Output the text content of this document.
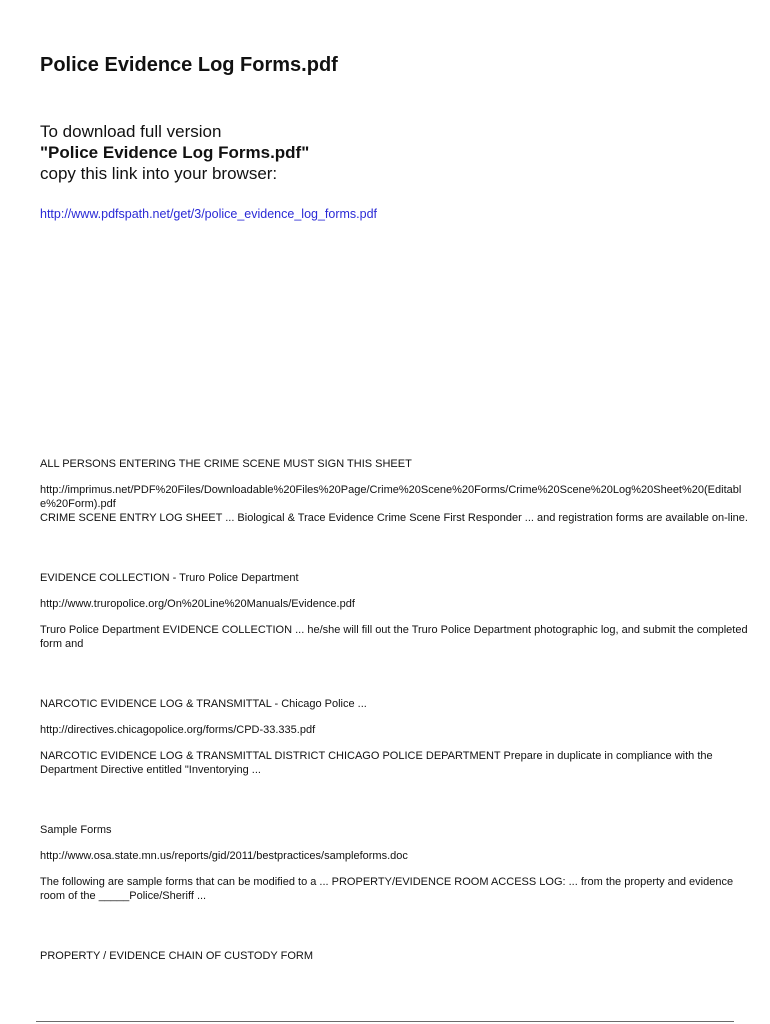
Police Evidence Log Forms.pdf
To download full version
"Police Evidence Log Forms.pdf"
copy this link into your browser:
http://www.pdfspath.net/get/3/police_evidence_log_forms.pdf
ALL PERSONS ENTERING THE CRIME SCENE MUST SIGN THIS SHEET
http://imprimus.net/PDF%20Files/Downloadable%20Files%20Page/Crime%20Scene%20Forms/Crime%20Scene%20Log%20Sheet%20(Editable%20Form).pdf
CRIME SCENE ENTRY LOG SHEET ... Biological & Trace Evidence Crime Scene First Responder ... and registration forms are available on-line.
EVIDENCE COLLECTION - Truro Police Department
http://www.truropolice.org/On%20Line%20Manuals/Evidence.pdf
Truro Police Department EVIDENCE COLLECTION ... he/she will fill out the Truro Police Department photographic log, and submit the completed form and
NARCOTIC EVIDENCE LOG & TRANSMITTAL - Chicago Police ...
http://directives.chicagopolice.org/forms/CPD-33.335.pdf
NARCOTIC EVIDENCE LOG & TRANSMITTAL DISTRICT CHICAGO POLICE DEPARTMENT Prepare in duplicate in compliance with the Department Directive entitled "Inventorying ...
Sample Forms
http://www.osa.state.mn.us/reports/gid/2011/bestpractices/sampleforms.doc
The following are sample forms that can be modified to a ... PROPERTY/EVIDENCE ROOM ACCESS LOG: ... from the property and evidence room of the _____Police/Sheriff ...
PROPERTY / EVIDENCE CHAIN OF CUSTODY FORM
